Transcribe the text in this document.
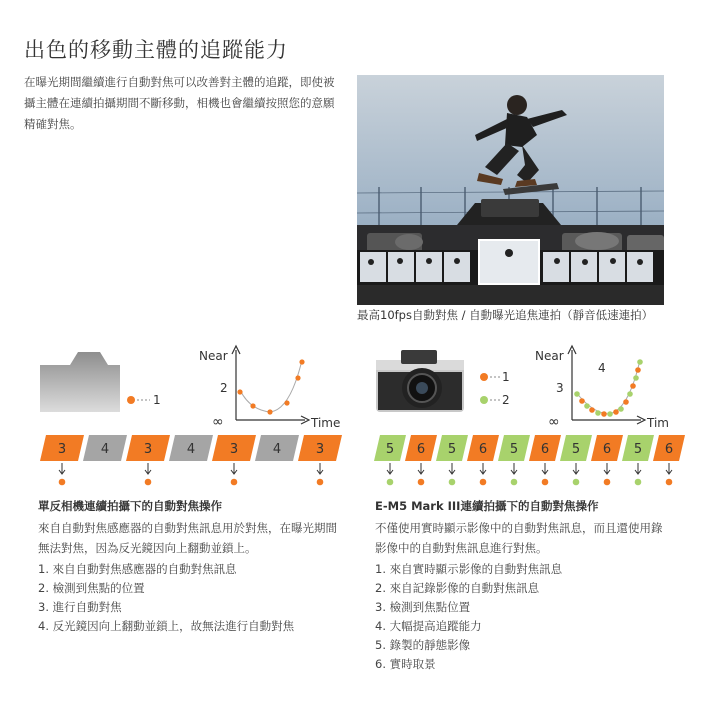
出色的移動主體的追蹤能力

在曝光期間繼續進行自動對焦可以改善對主體的追蹤，即使被攝主體在連續拍攝期間不斷移動，相機也會繼續按照您的意願精確對焦。

最高10fps自動對焦 / 自動曝光追焦連拍（靜音低速連拍）
1
Near
∞	Time
2
3	4	3	4	3	4	3
1
2
Near
∞	Tim
3
4
5 6 5 6 5 6 5 6 5 6
單反相機連續拍攝下的自動對焦操作
來自自動對焦感應器的自動對焦訊息用於對焦，在曝光期間無法對焦，因為反光鏡因向上翻動並鎖上。
1. 來自自動對焦感應器的自動對焦訊息
2. 檢測到焦點的位置
3. 進行自動對焦
4. 反光鏡因向上翻動並鎖上，故無法進行自動對焦
E-M5 Mark III連續拍攝下的自動對焦操作
不僅使用實時顯示影像中的自動對焦訊息，而且還使用錄影像中的自動對焦訊息進行對焦。
1. 來自實時顯示影像的自動對焦訊息
2. 來自記錄影像的自動對焦訊息
3. 檢測到焦點位置
4. 大幅提高追蹤能力
5. 錄製的靜態影像
6. 實時取景
